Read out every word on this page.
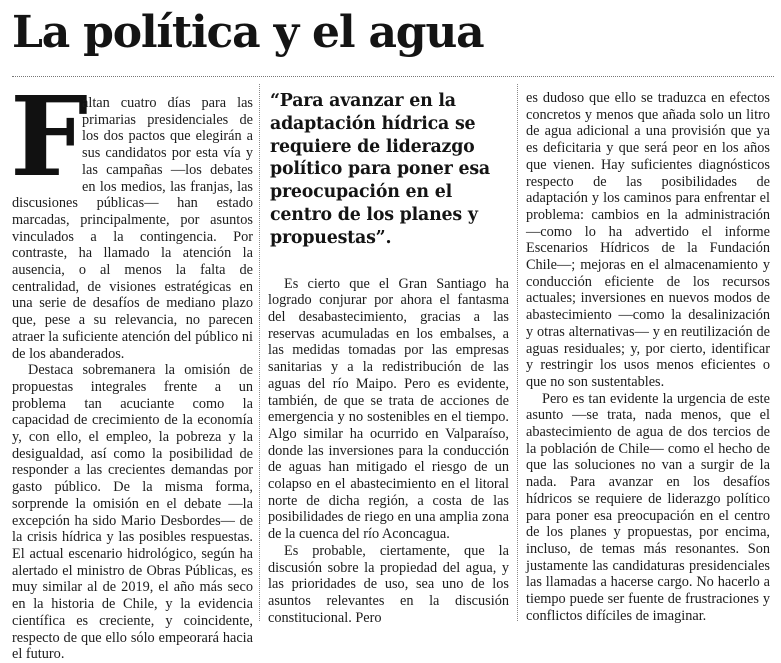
La política y el agua
F

altan cuatro días para las primarias presidenciales de los dos pactos que elegirán a sus candidatos por esta vía y las campañas —los debates en los medios, las franjas, las discusiones públicas— han estado marcadas, principalmente, por asuntos vinculados a la contingencia. Por contraste, ha llamado la atención la ausencia, o al menos la falta de centralidad, de visiones estratégicas en una serie de desafíos de mediano plazo que, pese a su relevancia, no parecen atraer la suficiente atención del público ni de los abanderados.

Destaca sobremanera la omisión de propuestas integrales frente a un problema tan acuciante como la capacidad de crecimiento de la economía y, con ello, el empleo, la pobreza y la desigualdad, así como la posibilidad de responder a las crecientes demandas por gasto público. De la misma forma, sorprende la omisión en el debate —la excepción ha sido Mario Desbordes— de la crisis hídrica y las posibles respuestas. El actual escenario hidrológico, según ha alertado el ministro de Obras Públicas, es muy similar al de 2019, el año más seco en la historia de Chile, y la evidencia científica es creciente, y coincidente, respecto de que ello sólo empeorará hacia el futuro.

“Para avanzar en la adaptación hídrica se requiere de liderazgo político para poner esa preocupación en el centro de los planes y propuestas”.

Es cierto que el Gran Santiago ha logrado conjurar por ahora el fantasma del desabastecimiento, gracias a las reservas acumuladas en los embalses, a las medidas tomadas por las empresas sanitarias y a la redistribución de las aguas del río Maipo. Pero es evidente, también, de que se trata de acciones de emergencia y no sostenibles en el tiempo. Algo similar ha ocurrido en Valparaíso, donde las inversiones para la conducción de aguas han mitigado el riesgo de un colapso en el abastecimiento en el litoral norte de dicha región, a costa de las posibilidades de riego en una amplia zona de la cuenca del río Aconcagua.

Es probable, ciertamente, que la discusión sobre la propiedad del agua, y las prioridades de uso, sea uno de los asuntos relevantes en la discusión constitucional. Pero

es dudoso que ello se traduzca en efectos concretos y menos que añada solo un litro de agua adicional a una provisión que ya es deficitaria y que será peor en los años que vienen. Hay suficientes diagnósticos respecto de las posibilidades de adaptación y los caminos para enfrentar el problema: cambios en la administración —como lo ha advertido el informe Escenarios Hídricos de la Fundación Chile—; mejoras en el almacenamiento y conducción eficiente de los recursos actuales; inversiones en nuevos modos de abastecimiento —como la desalinización y otras alternativas— y en reutilización de aguas residuales; y, por cierto, identificar y restringir los usos menos eficientes o que no son sustentables.

Pero es tan evidente la urgencia de este asunto —se trata, nada menos, que el abastecimiento de agua de dos tercios de la población de Chile— como el hecho de que las soluciones no van a surgir de la nada. Para avanzar en los desafíos hídricos se requiere de liderazgo político para poner esa preocupación en el centro de los planes y propuestas, por encima, incluso, de temas más resonantes. Son justamente las candidaturas presidenciales las llamadas a hacerse cargo. No hacerlo a tiempo puede ser fuente de frustraciones y conflictos difíciles de imaginar.
